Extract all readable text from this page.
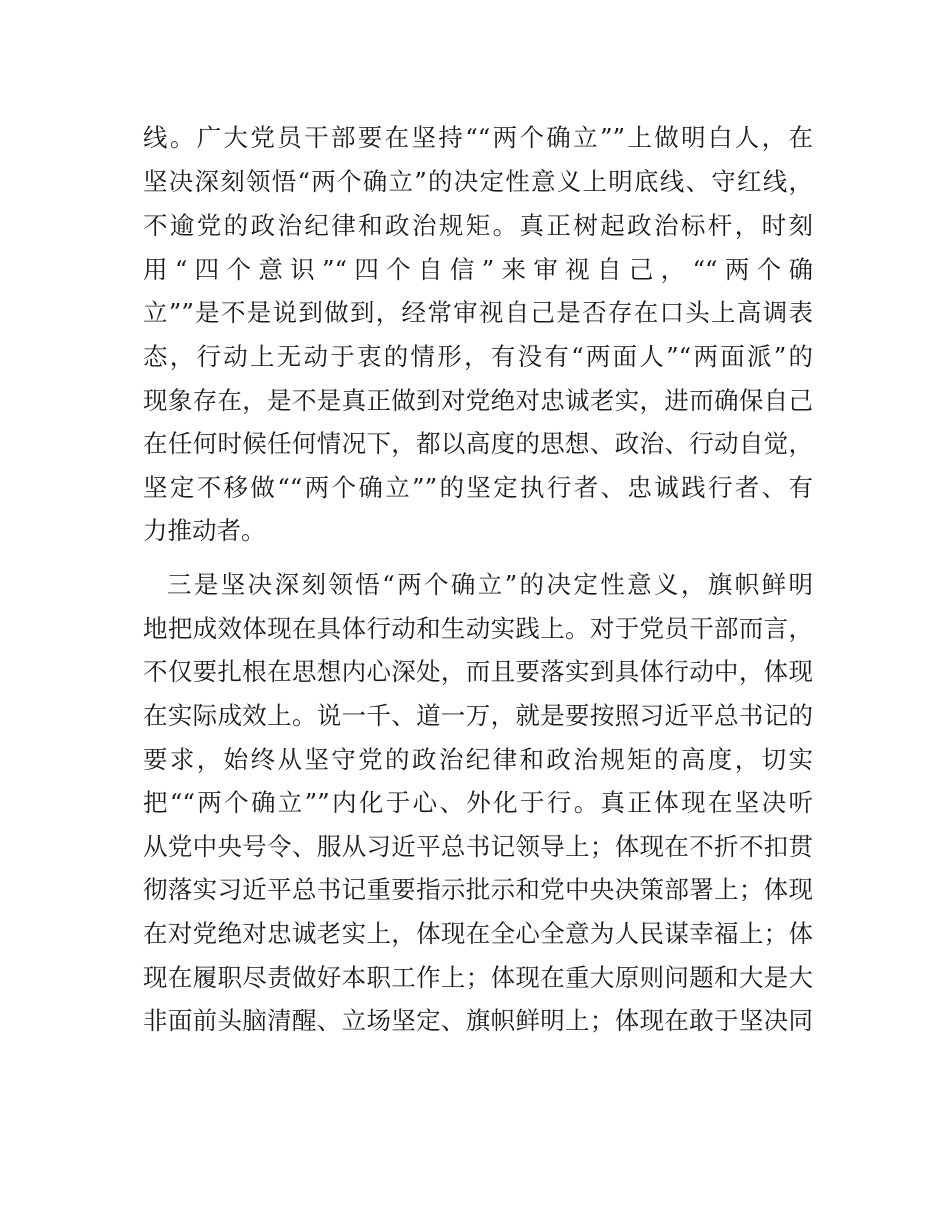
线。广大党员干部要在坚持““两个确立””上做明白人，在
坚决深刻领悟“两个确立”的决定性意义上明底线、守红线，
不逾党的政治纪律和政治规矩。真正树起政治标杆，时刻
用“四个意识”“四个自信”来审视自己，““两个确
立””是不是说到做到，经常审视自己是否存在口头上高调表
态，行动上无动于衷的情形，有没有“两面人”“两面派”的
现象存在，是不是真正做到对党绝对忠诚老实，进而确保自己
在任何时候任何情况下，都以高度的思想、政治、行动自觉，
坚定不移做““两个确立””的坚定执行者、忠诚践行者、有
力推动者。
三是坚决深刻领悟“两个确立”的决定性意义，旗帜鲜明
地把成效体现在具体行动和生动实践上。对于党员干部而言，
不仅要扎根在思想内心深处，而且要落实到具体行动中，体现
在实际成效上。说一千、道一万，就是要按照习近平总书记的
要求，始终从坚守党的政治纪律和政治规矩的高度，切实
把““两个确立””内化于心、外化于行。真正体现在坚决听
从党中央号令、服从习近平总书记领导上；体现在不折不扣贯
彻落实习近平总书记重要指示批示和党中央决策部署上；体现
在对党绝对忠诚老实上，体现在全心全意为人民谋幸福上；体
现在履职尽责做好本职工作上；体现在重大原则问题和大是大
非面前头脑清醒、立场坚定、旗帜鲜明上；体现在敢于坚决同
